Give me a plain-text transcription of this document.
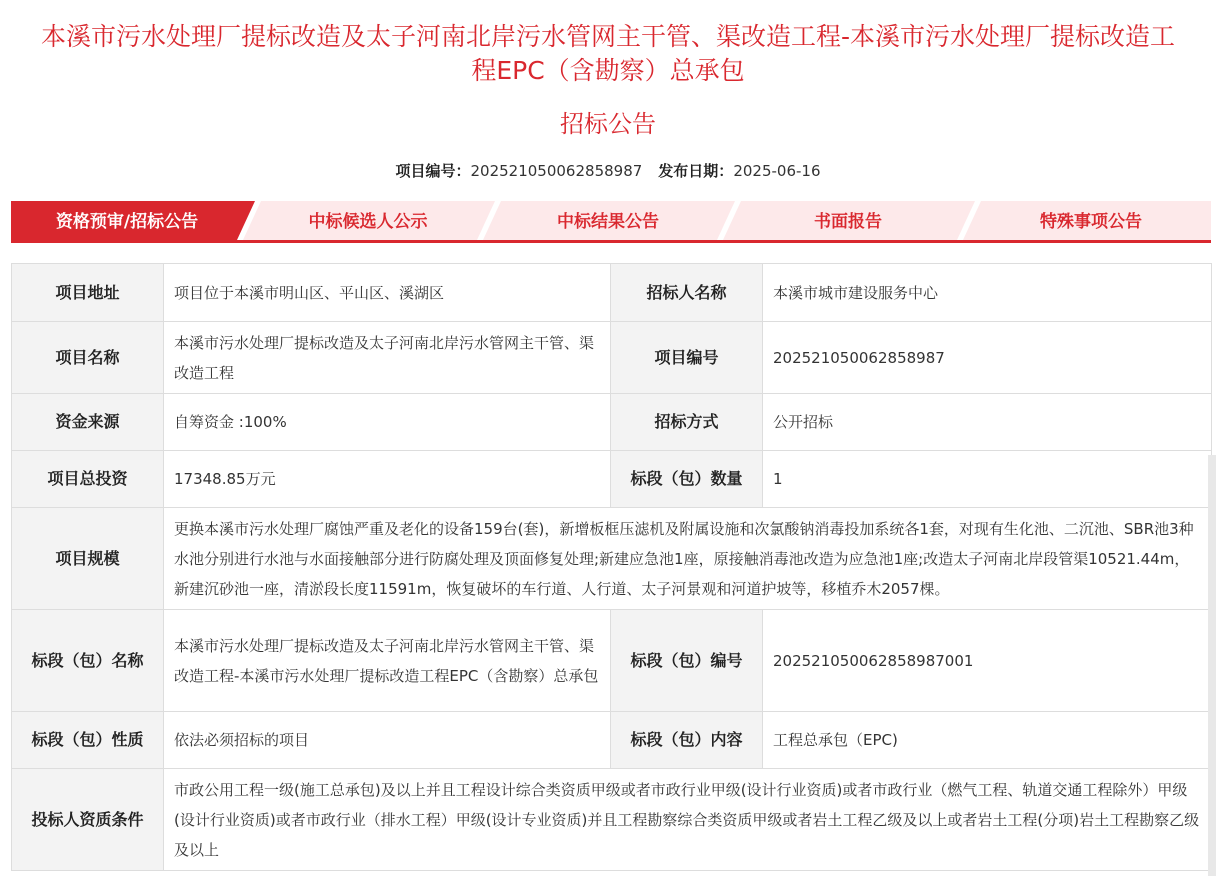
本溪市污水处理厂提标改造及太子河南北岸污水管网主干管、渠改造工程-本溪市污水处理厂提标改造工程EPC（含勘察）总承包
招标公告
项目编号：202521050062858987 发布日期：2025-06-16
资格预审/招标公告	中标候选人公示	中标结果公告	书面报告	特殊事项公告
项目地址	项目位于本溪市明山区、平山区、溪湖区	招标人名称	本溪市城市建设服务中心
项目名称	本溪市污水处理厂提标改造及太子河南北岸污水管网主干管、渠改造工程	项目编号	202521050062858987
资金来源	自筹资金 :100%	招标方式	公开招标
项目总投资	17348.85万元	标段（包）数量	1
项目规模	更换本溪市污水处理厂腐蚀严重及老化的设备159台(套)，新增板框压滤机及附属设施和次氯酸钠消毒投加系统各1套，对现有生化池、二沉池、SBR池3种水池分别进行水池与水面接触部分进行防腐处理及顶面修复处理;新建应急池1座，原接触消毒池改造为应急池1座;改造太子河南北岸段管渠10521.44m，新建沉砂池一座，清淤段长度11591m，恢复破坏的车行道、人行道、太子河景观和河道护坡等，移植乔木2057棵。		
标段（包）名称	本溪市污水处理厂提标改造及太子河南北岸污水管网主干管、渠改造工程-本溪市污水处理厂提标改造工程EPC（含勘察）总承包	标段（包）编号	202521050062858987001
标段（包）性质	依法必须招标的项目	标段（包）内容	工程总承包（EPC)
投标人资质条件	市政公用工程一级(施工总承包)及以上并且工程设计综合类资质甲级或者市政行业甲级(设计行业资质)或者市政行业（燃气工程、轨道交通工程除外）甲级(设计行业资质)或者市政行业（排水工程）甲级(设计专业资质)并且工程勘察综合类资质甲级或者岩土工程乙级及以上或者岩土工程(分项)岩土工程勘察乙级及以上		
